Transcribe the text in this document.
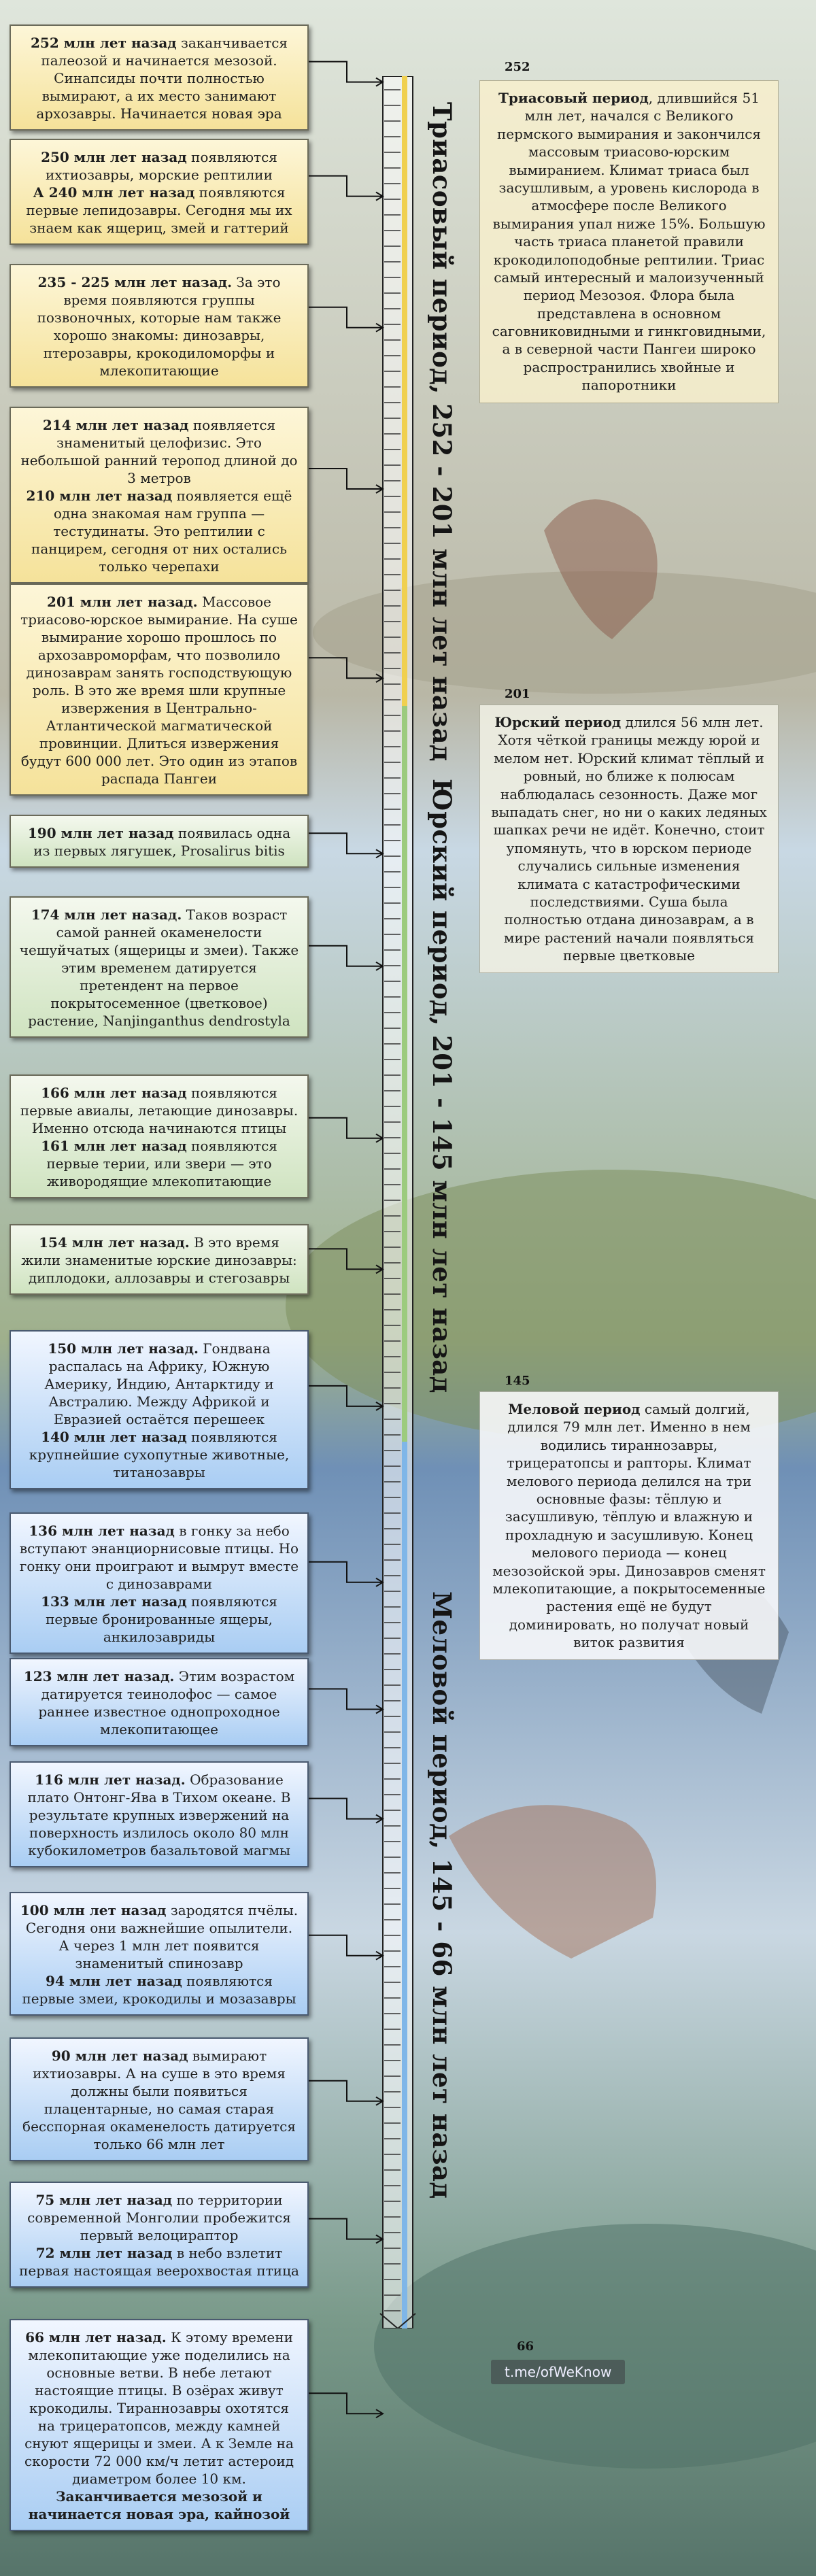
Триасовый период, 252 - 201 млн лет назад
Юрский период, 201 - 145 млн лет назад
Меловой период, 145 - 66 млн лет назад
252
201
145
66

Триасовый период, длившийся 51 млн лет, начался с Великого пермского вымирания и закончился массовым триасово-юрским вымиранием. Климат триаса был засушливым, а уровень кислорода в атмосфере после Великого вымирания упал ниже 15%. Большую часть триаса планетой правили крокодилоподобные рептилии. Триас самый интересный и малоизученный период Мезозоя. Флора была представлена в основном саговниковидными и гинкговидными, а в северной части Пангеи широко распространились хвойные и папоротники

Юрский период длился 56 млн лет. Хотя чёткой границы между юрой и мелом нет. Юрский климат тёплый и ровный, но ближе к полюсам наблюдалась сезонность. Даже мог выпадать снег, но ни о каких ледяных шапках речи не идёт. Конечно, стоит упомянуть, что в юрском периоде случались сильные изменения климата с катастрофическими последствиями. Суша была полностью отдана динозаврам, а в мире растений начали появляться первые цветковые

Меловой период самый долгий, длился 79 млн лет. Именно в нем водились тираннозавры, трицератопсы и рапторы. Климат мелового периода делился на три основные фазы: тёплую и засушливую, тёплую и влажную и прохладную и засушливую. Конец мелового периода — конец мезозойской эры. Динозавров сменят млекопитающие, а покрытосеменные растения ещё не будут доминировать, но получат новый виток развития

252 млн лет назад заканчивается палеозой и начинается мезозой. Синапсиды почти полностью вымирают, а их место занимают архозавры. Начинается новая эра

250 млн лет назад появляются ихтиозавры, морские рептилии

А 240 млн лет назад появляются первые лепидозавры. Сегодня мы их знаем как ящериц, змей и гаттерий

235 - 225 млн лет назад. За это время появляются группы позвоночных, которые нам также хорошо знакомы: динозавры, птерозавры, крокодиломорфы и млекопитающие

214 млн лет назад появляется знаменитый целофизис. Это небольшой ранний теропод длиной до 3 метров

210 млн лет назад появляется ещё одна знакомая нам группа — тестудинаты. Это рептилии с панцирем, сегодня от них остались только черепахи

201 млн лет назад. Массовое триасово-юрское вымирание. На суше вымирание хорошо прошлось по архозавроморфам, что позволило динозаврам занять господствующую роль. В это же время шли крупные извержения в Центрально-Атлантической магматической провинции. Длиться извержения будут 600 000 лет. Это один из этапов распада Пангеи

190 млн лет назад появилась одна из первых лягушек, Prosalirus bitis

174 млн лет назад. Таков возраст самой ранней окаменелости чешуйчатых (ящерицы и змеи). Также этим временем датируется претендент на первое покрытосеменное (цветковое) растение, Nanjinganthus dendrostyla

166 млн лет назад появляются первые авиалы, летающие динозавры. Именно отсюда начинаются птицы

161 млн лет назад появляются первые терии, или звери — это живородящие млекопитающие

154 млн лет назад. В это время жили знаменитые юрские динозавры: диплодоки, аллозавры и стегозавры

150 млн лет назад. Гондвана распалась на Африку, Южную Америку, Индию, Антарктиду и Австралию. Между Африкой и Евразией остаётся перешеек

140 млн лет назад появляются крупнейшие сухопутные животные, титанозавры

136 млн лет назад в гонку за небо вступают энанциорнисовые птицы. Но гонку они проиграют и вымрут вместе с динозаврами

133 млн лет назад появляются первые бронированные ящеры, анкилозавриды

123 млн лет назад. Этим возрастом датируется теинолофос — самое раннее известное однопроходное млекопитающее

116 млн лет назад. Образование плато Онтонг-Ява в Тихом океане. В результате крупных извержений на поверхность излилось около 80 млн кубокилометров базальтовой магмы

100 млн лет назад зародятся пчёлы. Сегодня они важнейшие опылители. А через 1 млн лет появится знаменитый спинозавр

94 млн лет назад появляются первые змеи, крокодилы и мозазавры

90 млн лет назад вымирают ихтиозавры. А на суше в это время должны были появиться плацентарные, но самая старая бесспорная окаменелость датируется только 66 млн лет

75 млн лет назад по территории современной Монголии пробежится первый велоцираптор

72 млн лет назад в небо взлетит первая настоящая веерохвостая птица

66 млн лет назад. К этому времени млекопитающие уже поделились на основные ветви. В небе летают настоящие птицы. В озёрах живут крокодилы. Тираннозавры охотятся на трицератопсов, между камней снуют ящерицы и змеи. А к Земле на скорости 72 000 км/ч летит астероид диаметром более 10 км.

Заканчивается мезозой и начинается новая эра, кайнозой

t.me/ofWeKnow
